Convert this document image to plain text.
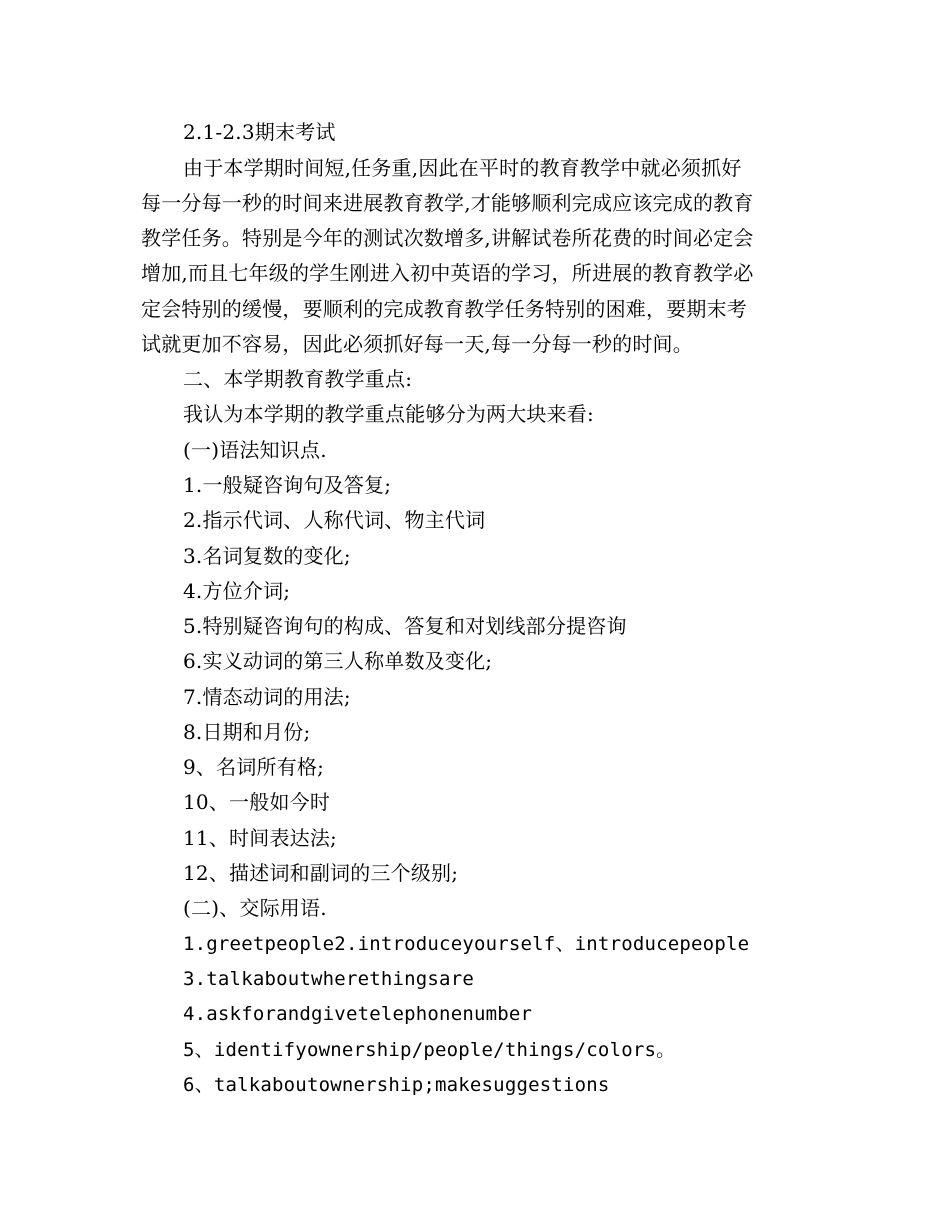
2.1-2.3期末考试
由于本学期时间短,任务重,因此在平时的教育教学中就必须抓好
每一分每一秒的时间来进展教育教学,才能够顺利完成应该完成的教育
教学任务。特别是今年的测试次数增多,讲解试卷所花费的时间必定会
增加,而且七年级的学生刚进入初中英语的学习，所进展的教育教学必
定会特别的缓慢，要顺利的完成教育教学任务特别的困难，要期末考
试就更加不容易，因此必须抓好每一天,每一分每一秒的时间。
二、本学期教育教学重点:
我认为本学期的教学重点能够分为两大块来看:
(一)语法知识点.
1.一般疑咨询句及答复;
2.指示代词、人称代词、物主代词
3.名词复数的变化;
4.方位介词;
5.特别疑咨询句的构成、答复和对划线部分提咨询
6.实义动词的第三人称单数及变化;
7.情态动词的用法;
8.日期和月份;
9、名词所有格;
10、一般如今时
11、时间表达法;
12、描述词和副词的三个级别;
(二)、交际用语.
1.greetpeople2.introduceyourself、introducepeople
3.talkaboutwherethingsare
4.askforandgivetelephonenumber
5、identifyownership/people/things/colors。
6、talkaboutownership;makesuggestions
